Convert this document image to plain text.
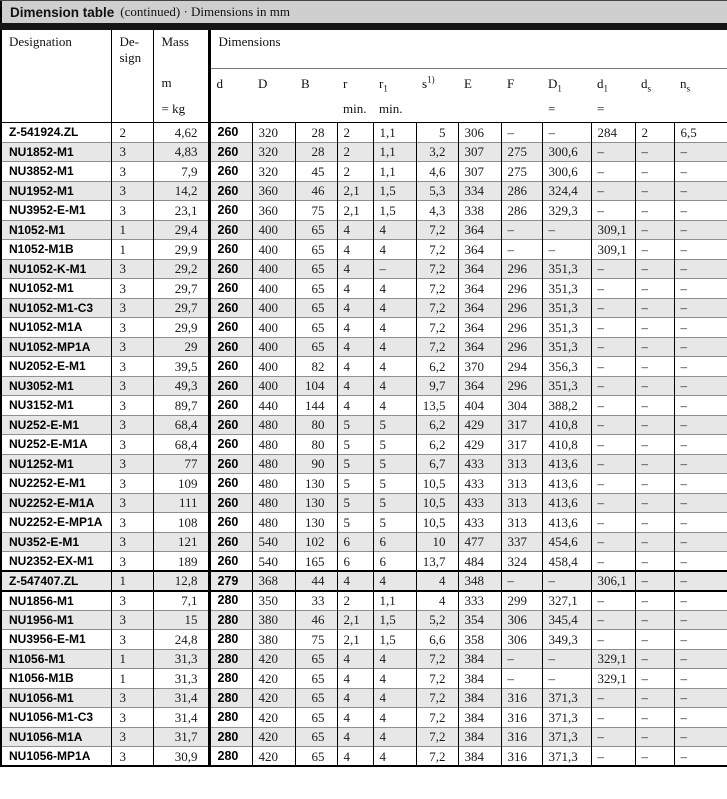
Dimension table (continued) · Dimensions in mm
Designation	De-
sign	
Mass
m
= kg
	Dimensions
			d	D	B	r	$r_1$	$s^{1)}$	E	F	$D_1$	$d_1$	$d_s$	$n_s$
						min.	min.				=	=		
Z-541924.ZL	2	4,62	260	320	28	2	1,1	5	306	–	–	284	2	6,5
NU1852-M1	3	4,83	260	320	28	2	1,1	3,2	307	275	300,6	–	–	–
NU3852-M1	3	7,9	260	320	45	2	1,1	4,6	307	275	300,6	–	–	–
NU1952-M1	3	14,2	260	360	46	2,1	1,5	5,3	334	286	324,4	–	–	–
NU3952-E-M1	3	23,1	260	360	75	2,1	1,5	4,3	338	286	329,3	–	–	–
N1052-M1	1	29,4	260	400	65	4	4	7,2	364	–	–	309,1	–	–
N1052-M1B	1	29,9	260	400	65	4	4	7,2	364	–	–	309,1	–	–
NU1052-K-M1	3	29,2	260	400	65	4	–	7,2	364	296	351,3	–	–	–
NU1052-M1	3	29,7	260	400	65	4	4	7,2	364	296	351,3	–	–	–
NU1052-M1-C3	3	29,7	260	400	65	4	4	7,2	364	296	351,3	–	–	–
NU1052-M1A	3	29,9	260	400	65	4	4	7,2	364	296	351,3	–	–	–
NU1052-MP1A	3	29	260	400	65	4	4	7,2	364	296	351,3	–	–	–
NU2052-E-M1	3	39,5	260	400	82	4	4	6,2	370	294	356,3	–	–	–
NU3052-M1	3	49,3	260	400	104	4	4	9,7	364	296	351,3	–	–	–
NU3152-M1	3	89,7	260	440	144	4	4	13,5	404	304	388,2	–	–	–
NU252-E-M1	3	68,4	260	480	80	5	5	6,2	429	317	410,8	–	–	–
NU252-E-M1A	3	68,4	260	480	80	5	5	6,2	429	317	410,8	–	–	–
NU1252-M1	3	77	260	480	90	5	5	6,7	433	313	413,6	–	–	–
NU2252-E-M1	3	109	260	480	130	5	5	10,5	433	313	413,6	–	–	–
NU2252-E-M1A	3	111	260	480	130	5	5	10,5	433	313	413,6	–	–	–
NU2252-E-MP1A	3	108	260	480	130	5	5	10,5	433	313	413,6	–	–	–
NU352-E-M1	3	121	260	540	102	6	6	10	477	337	454,6	–	–	–
NU2352-EX-M1	3	189	260	540	165	6	6	13,7	484	324	458,4	–	–	–
Z-547407.ZL	1	12,8	279	368	44	4	4	4	348	–	–	306,1	–	–
NU1856-M1	3	7,1	280	350	33	2	1,1	4	333	299	327,1	–	–	–
NU1956-M1	3	15	280	380	46	2,1	1,5	5,2	354	306	345,4	–	–	–
NU3956-E-M1	3	24,8	280	380	75	2,1	1,5	6,6	358	306	349,3	–	–	–
N1056-M1	1	31,3	280	420	65	4	4	7,2	384	–	–	329,1	–	–
N1056-M1B	1	31,3	280	420	65	4	4	7,2	384	–	–	329,1	–	–
NU1056-M1	3	31,4	280	420	65	4	4	7,2	384	316	371,3	–	–	–
NU1056-M1-C3	3	31,4	280	420	65	4	4	7,2	384	316	371,3	–	–	–
NU1056-M1A	3	31,7	280	420	65	4	4	7,2	384	316	371,3	–	–	–
NU1056-MP1A	3	30,9	280	420	65	4	4	7,2	384	316	371,3	–	–	–
